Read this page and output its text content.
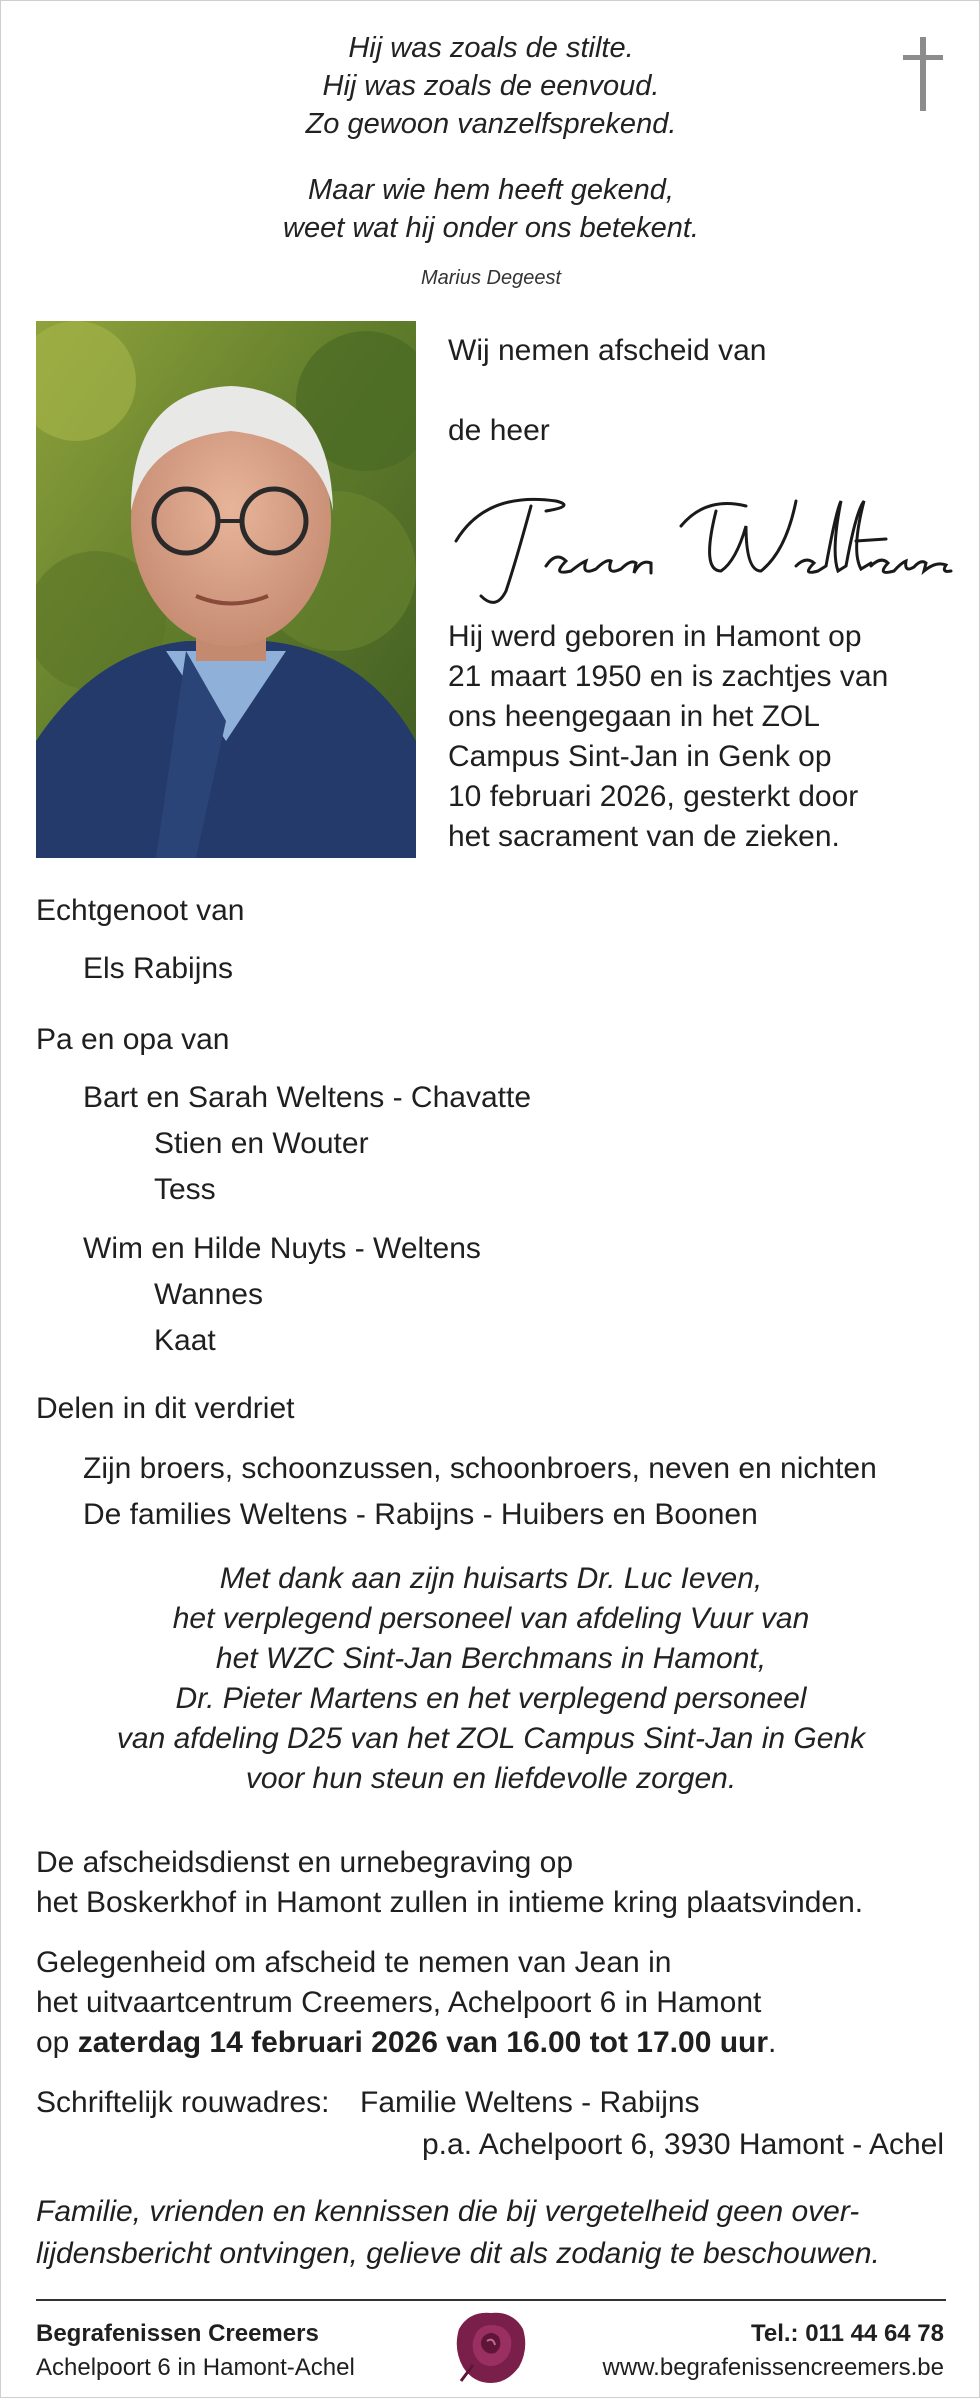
Hij was zoals de stilte.
Hij was zoals de eenvoud.
Zo gewoon vanzelfsprekend.
Maar wie hem heeft gekend,
weet wat hij onder ons betekent.
Marius Degeest
Wij nemen afscheid van
de heer
Hij werd geboren in Hamont op
21 maart 1950 en is zachtjes van
ons heengegaan in het ZOL
Campus Sint-Jan in Genk op
10 februari 2026, gesterkt door
het sacrament van de zieken.
Echtgenoot van
Els Rabijns
Pa en opa van
Bart en Sarah Weltens - Chavatte
Stien en Wouter
Tess
Wim en Hilde Nuyts - Weltens
Wannes
Kaat
Delen in dit verdriet
Zijn broers, schoonzussen, schoonbroers, neven en nichten
De families Weltens - Rabijns - Huibers en Boonen
Met dank aan zijn huisarts Dr. Luc Ieven,
het verplegend personeel van afdeling Vuur van
het WZC Sint-Jan Berchmans in Hamont,
Dr. Pieter Martens en het verplegend personeel
van afdeling D25 van het ZOL Campus Sint-Jan in Genk
voor hun steun en liefdevolle zorgen.
De afscheidsdienst en urnebegraving op
het Boskerkhof in Hamont zullen in intieme kring plaatsvinden.
Gelegenheid om afscheid te nemen van Jean in
het uitvaartcentrum Creemers, Achelpoort 6 in Hamont
op zaterdag 14 februari 2026 van 16.00 tot 17.00 uur.
Schriftelijk rouwadres: Familie Weltens - Rabijns
p.a. Achelpoort 6, 3930 Hamont - Achel
Familie, vrienden en kennissen die bij vergetelheid geen over-
lijdensbericht ontvingen, gelieve dit als zodanig te beschouwen.
Begrafenissen Creemers
Achelpoort 6 in Hamont-Achel
Tel.: 011 44 64 78
www.begrafenissencreemers.be
